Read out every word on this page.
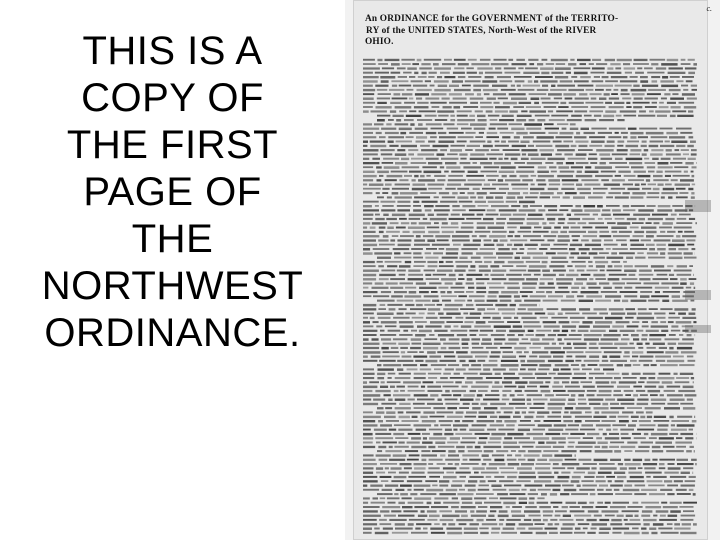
THIS IS A
COPY OF
THE FIRST
PAGE OF
THE
NORTHWEST
ORDINANCE.
c.
An ORDINANCE for the GOVERNMENT of the TERRITO-
RY of the UNITED STATES, North-West of the RIVER
OHIO.
